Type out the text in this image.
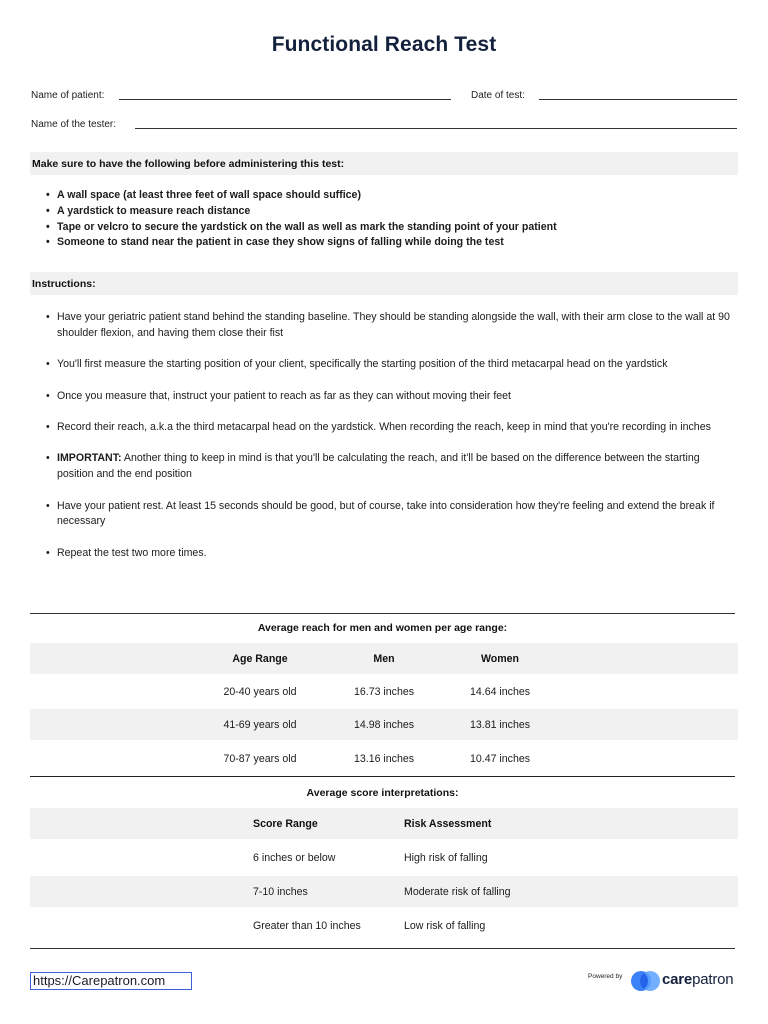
Functional Reach Test
Name of patient:	Date of test:
Name of the tester:
Make sure to have the following before administering this test:
• A wall space (at least three feet of wall space should suffice)
• A yardstick to measure reach distance
• Tape or velcro to secure the yardstick on the wall as well as mark the standing point of your patient
• Someone to stand near the patient in case they show signs of falling while doing the test
Instructions:
• Have your geriatric patient stand behind the standing baseline. They should be standing alongside the wall, with their arm close to the wall at 90 shoulder flexion, and having them close their fist
• You'll first measure the starting position of your client, specifically the starting position of the third metacarpal head on the yardstick
• Once you measure that, instruct your patient to reach as far as they can without moving their feet
• Record their reach, a.k.a the third metacarpal head on the yardstick. When recording the reach, keep in mind that you're recording in inches
• IMPORTANT: Another thing to keep in mind is that you'll be calculating the reach, and it'll be based on the difference between the starting position and the end position
• Have your patient rest. At least 15 seconds should be good, but of course, take into consideration how they're feeling and extend the break if necessary
• Repeat the test two more times.
Average reach for men and women per age range:
Age Range	Men	Women
20-40 years old	16.73 inches	14.64 inches
41-69 years old	14.98 inches	13.81 inches
70-87 years old	13.16 inches	10.47 inches
Average score interpretations:
Score Range	Risk Assessment
6 inches or below	High risk of falling
7-10 inches	Moderate risk of falling
Greater than 10 inches	Low risk of falling
https://Carepatron.com	Powered by	carepatron
